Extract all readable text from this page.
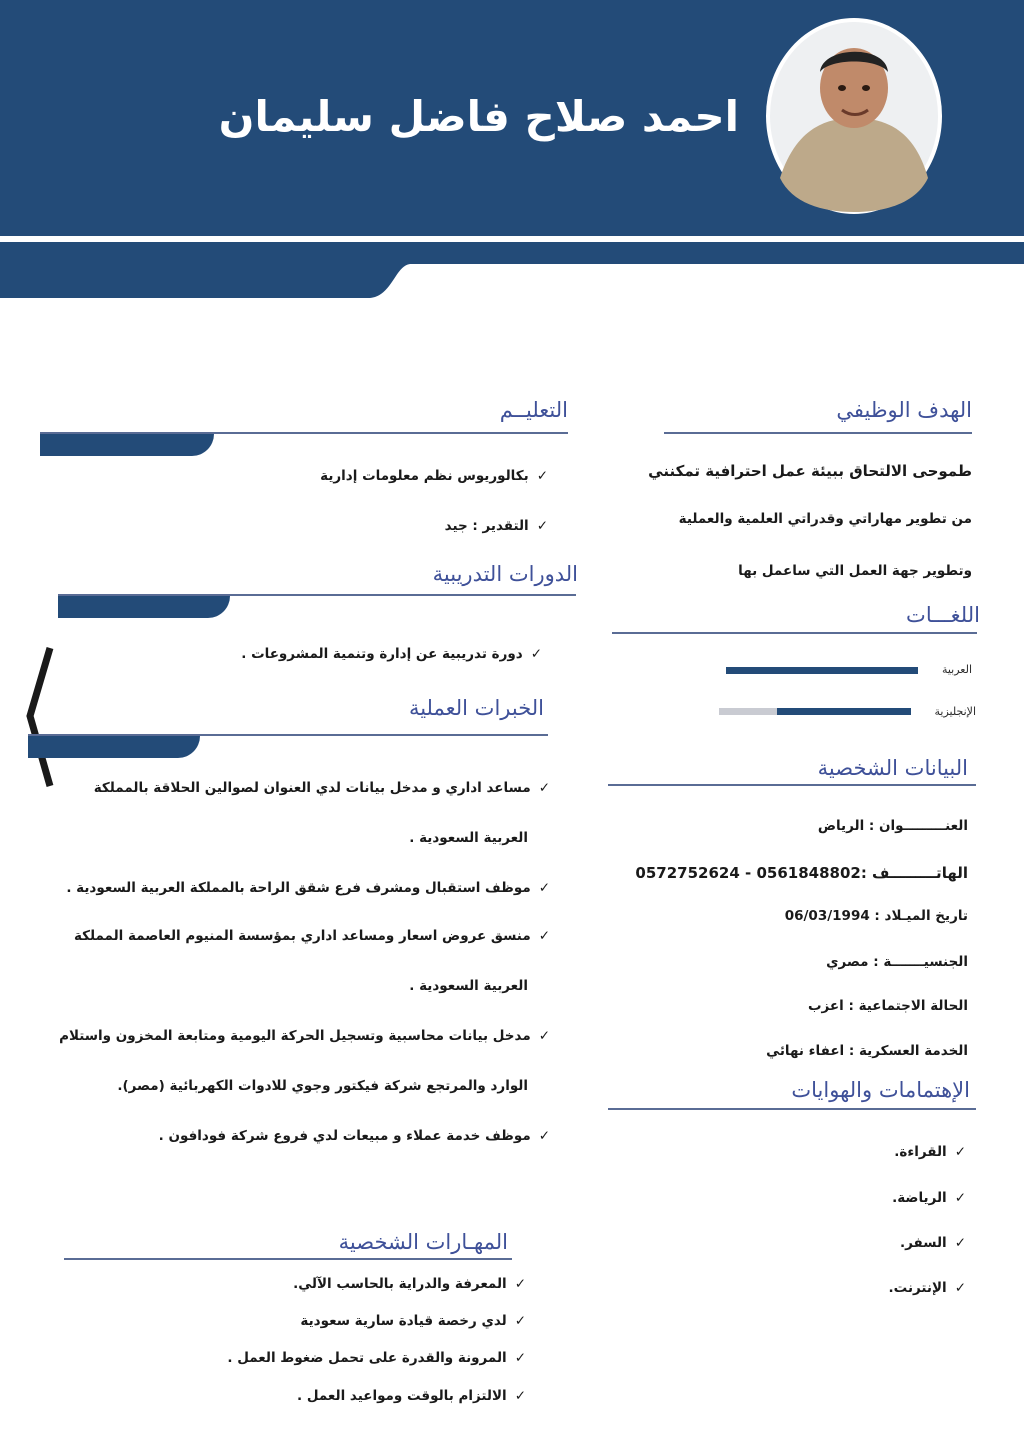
احمد صلاح فاضل سليمان
الهدف الوظيفي
طموحى الالتحاق ببيئة عمل احترافية تمكنني
من تطوير مهاراتي وقدراتي العلمية والعملية
وتطوير جهة العمل التي ساعمل بها
اللغـــات
العربية
الإنجليزية
البيانات الشخصية
العنـــــــــوان : الرياض
الهاتـــــــــف :0561848802 - 0572752624
تاريخ الميـلاد : 06/03/1994
الجنسيـــــــة : مصري
الحالة الاجتماعية : اعزب
الخدمة العسكرية : اعفاء نهائي
الإهتمامات والهوايات
✓القراءة.
✓الرياضة.
✓السفر.
✓الإنترنت.
التعليــم
✓بكالوريوس نظم معلومات إدارية
✓التقدير : جيد
الدورات التدريبية
✓دورة تدريبية عن إدارة وتنمية المشروعات .
الخبرات العملية
✓مساعد اداري و مدخل بيانات لدي العنوان لصوالين الحلاقة بالمملكة
العربية السعودية .
✓موظف استقبال ومشرف فرع شقق الراحة بالمملكة العربية السعودية .
✓منسق عروض اسعار ومساعد اداري بمؤسسة المنيوم العاصمة المملكة
العربية السعودية .
✓مدخل بيانات محاسبية وتسجيل الحركة اليومية ومتابعة المخزون واستلام
الوارد والمرتجع شركة فيكتور وجوي للادوات الكهربائية (مصر).
✓موظف خدمة عملاء و مبيعات لدي فروع شركة فودافون .
المهـارات الشخصية
✓المعرفة والدراية بالحاسب الآلي.
✓لدي رخصة قيادة سارية سعودية
✓المرونة والقدرة على تحمل ضغوط العمل .
✓الالتزام بالوقت ومواعيد العمل .
